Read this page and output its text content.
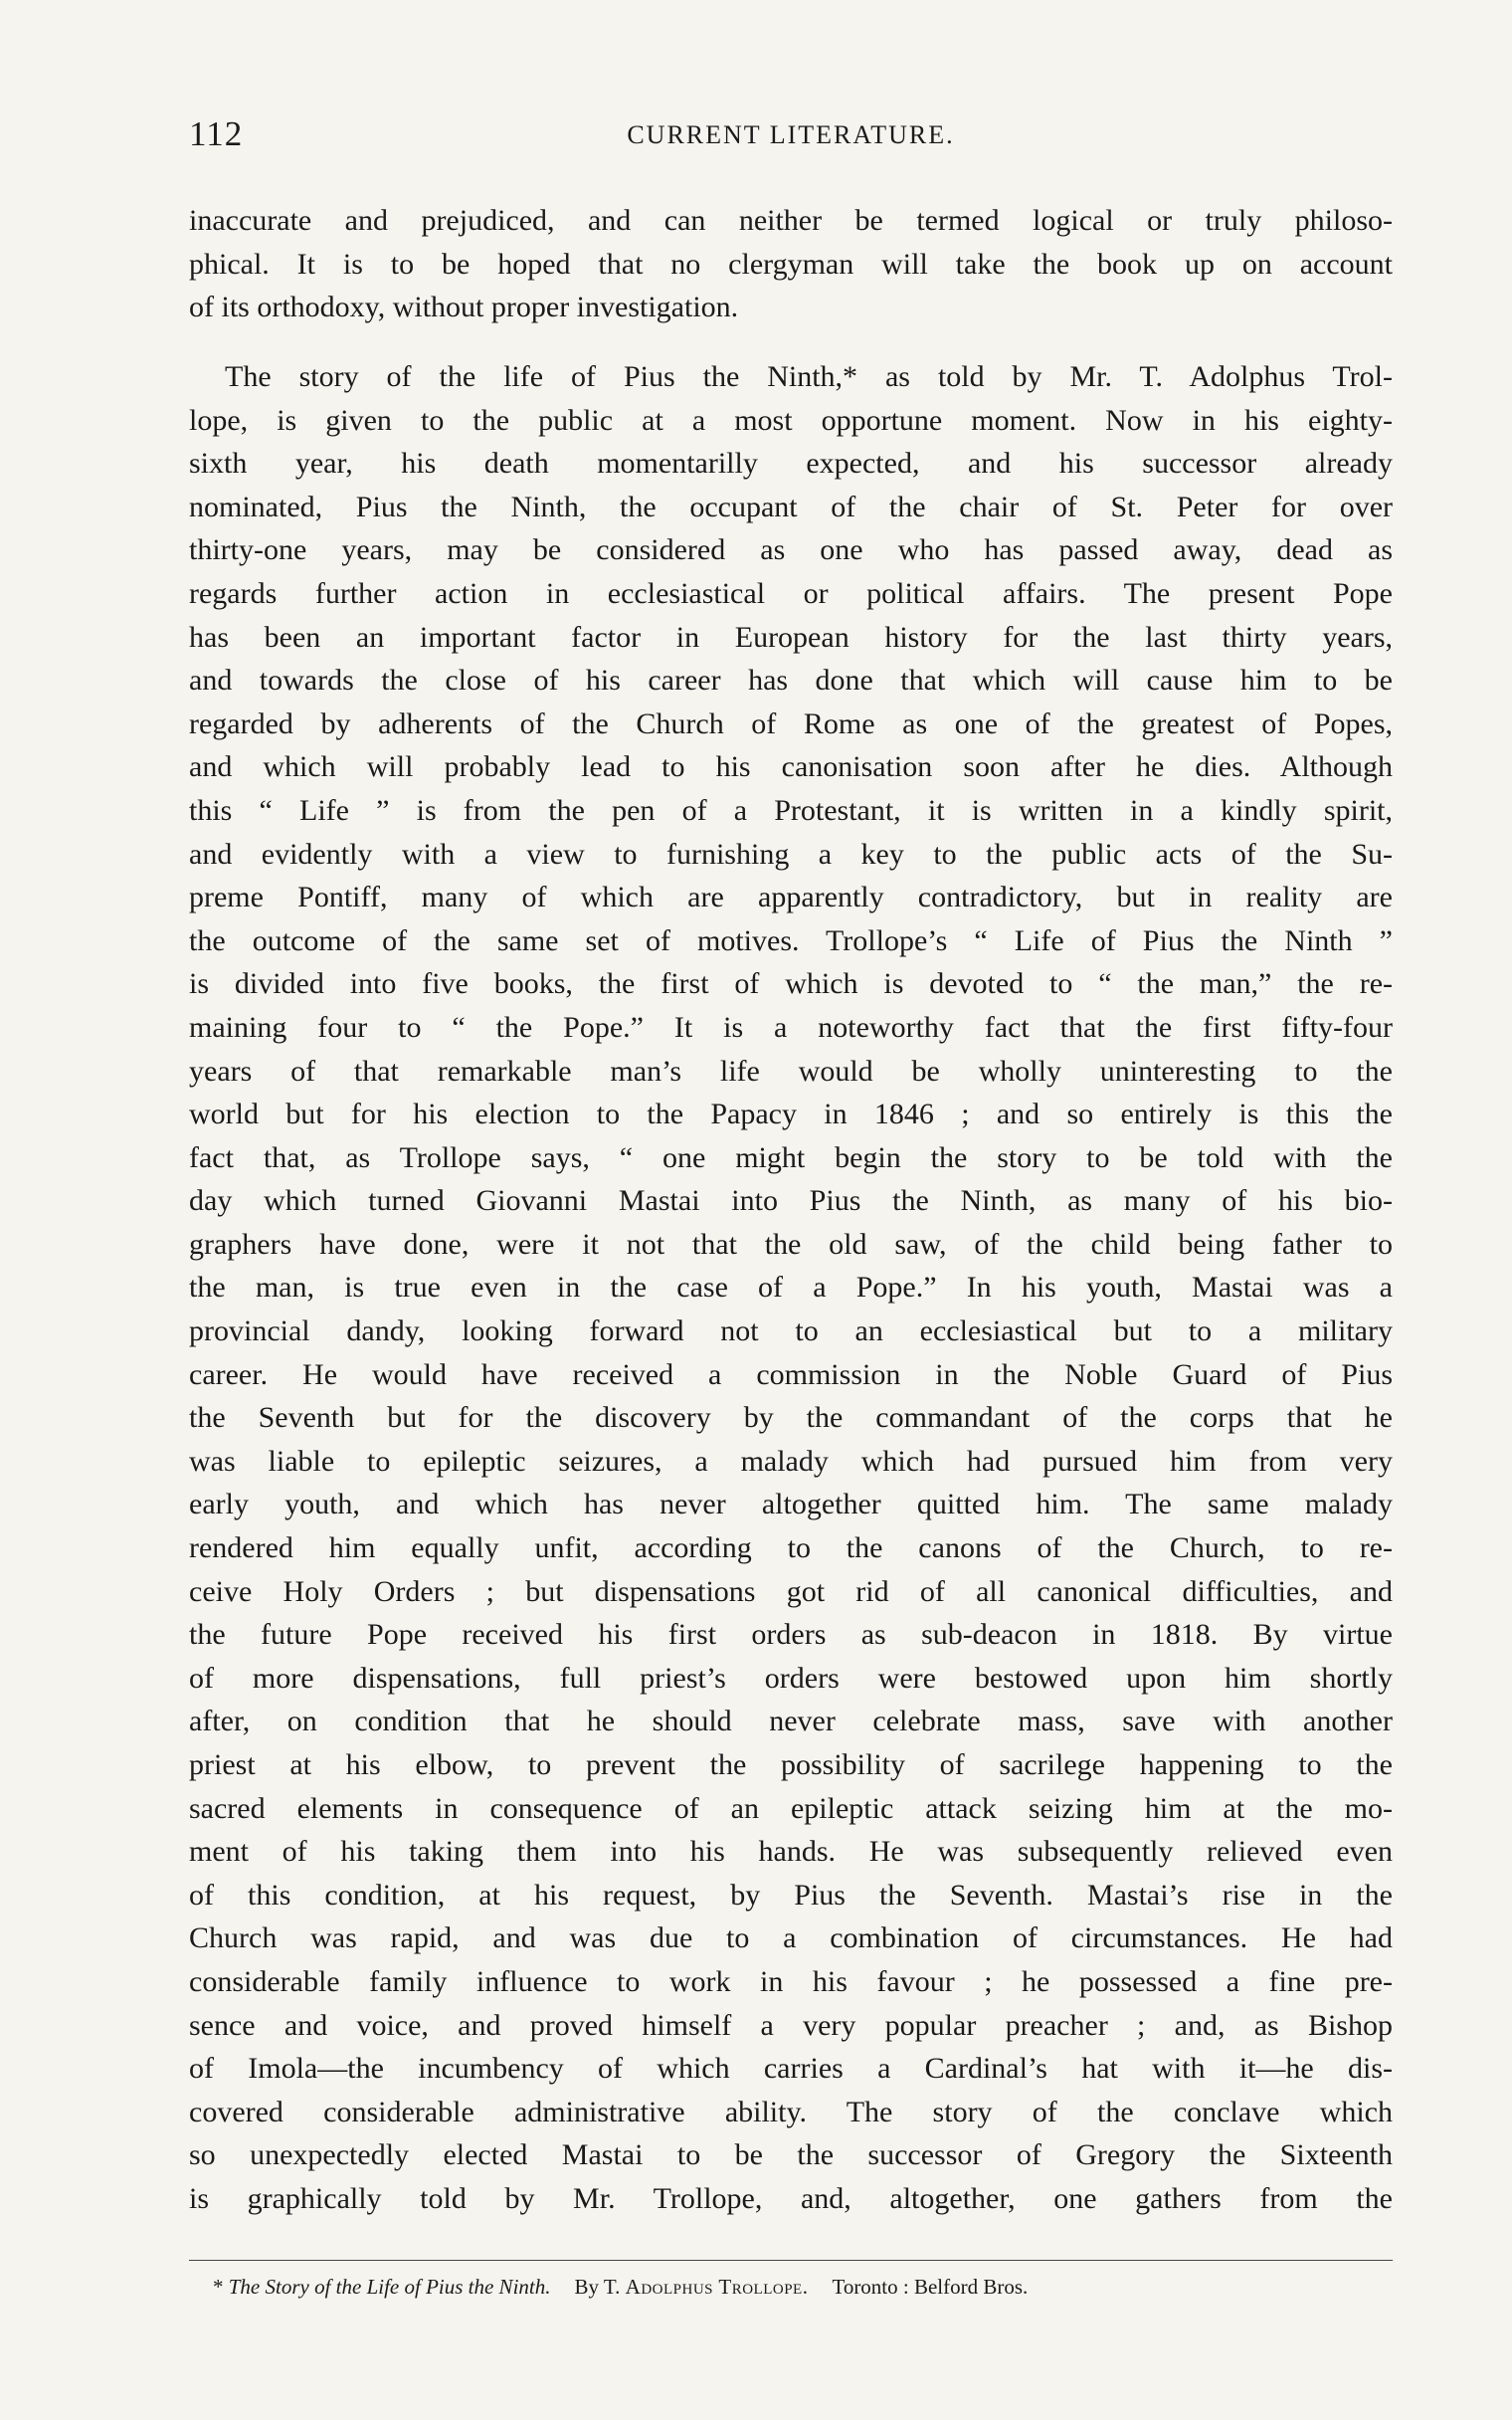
112	CURRENT LITERATURE.

inaccurate and prejudiced, and can neither be termed logical or truly philoso-
phical. It is to be hoped that no clergyman will take the book up on account
of its orthodoxy, without proper investigation.

The story of the life of Pius the Ninth,* as told by Mr. T. Adolphus Trol-
lope, is given to the public at a most opportune moment. Now in his eighty-
sixth year, his death momentarilly expected, and his successor already
nominated, Pius the Ninth, the occupant of the chair of St. Peter for over
thirty-one years, may be considered as one who has passed away, dead as
regards further action in ecclesiastical or political affairs. The present Pope
has been an important factor in European history for the last thirty years,
and towards the close of his career has done that which will cause him to be
regarded by adherents of the Church of Rome as one of the greatest of Popes,
and which will probably lead to his canonisation soon after he dies. Although
this “ Life ” is from the pen of a Protestant, it is written in a kindly spirit,
and evidently with a view to furnishing a key to the public acts of the Su-
preme Pontiff, many of which are apparently contradictory, but in reality are
the outcome of the same set of motives. Trollope’s “ Life of Pius the Ninth ”
is divided into five books, the first of which is devoted to “ the man,” the re-
maining four to “ the Pope.” It is a noteworthy fact that the first fifty-four
years of that remarkable man’s life would be wholly uninteresting to the
world but for his election to the Papacy in 1846 ; and so entirely is this the
fact that, as Trollope says, “ one might begin the story to be told with the
day which turned Giovanni Mastai into Pius the Ninth, as many of his bio-
graphers have done, were it not that the old saw, of the child being father to
the man, is true even in the case of a Pope.” In his youth, Mastai was a
provincial dandy, looking forward not to an ecclesiastical but to a military
career. He would have received a commission in the Noble Guard of Pius
the Seventh but for the discovery by the commandant of the corps that he
was liable to epileptic seizures, a malady which had pursued him from very
early youth, and which has never altogether quitted him. The same malady
rendered him equally unfit, according to the canons of the Church, to re-
ceive Holy Orders ; but dispensations got rid of all canonical difficulties, and
the future Pope received his first orders as sub-deacon in 1818. By virtue
of more dispensations, full priest’s orders were bestowed upon him shortly
after, on condition that he should never celebrate mass, save with another
priest at his elbow, to prevent the possibility of sacrilege happening to the
sacred elements in consequence of an epileptic attack seizing him at the mo-
ment of his taking them into his hands. He was subsequently relieved even
of this condition, at his request, by Pius the Seventh. Mastai’s rise in the
Church was rapid, and was due to a combination of circumstances. He had
considerable family influence to work in his favour ; he possessed a fine pre-
sence and voice, and proved himself a very popular preacher ; and, as Bishop
of Imola—the incumbency of which carries a Cardinal’s hat with it—he dis-
covered considerable administrative ability. The story of the conclave which
so unexpectedly elected Mastai to be the successor of Gregory the Sixteenth
is graphically told by Mr. Trollope, and, altogether, one gathers from the

* The Story of the Life of Pius the Ninth. By T. Adolphus Trollope. Toronto : Belford Bros.
